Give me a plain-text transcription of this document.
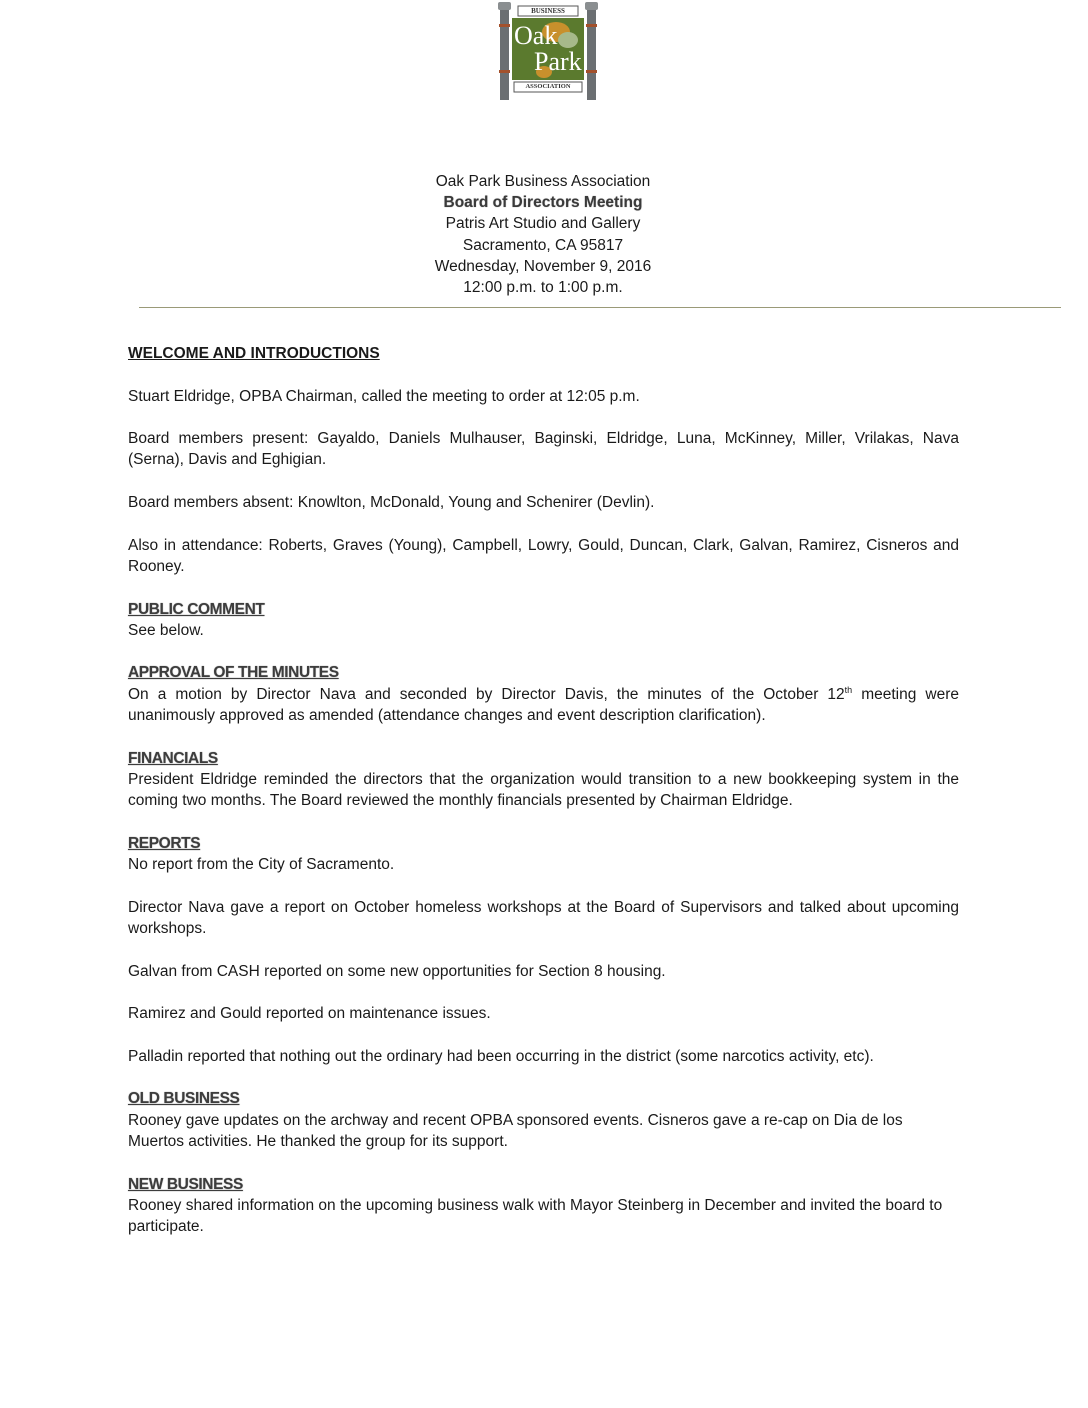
BUSINESS
Oak
Park
ASSOCIATION
Oak Park Business Association
Board of Directors Meeting
Patris Art Studio and Gallery
Sacramento, CA 95817
Wednesday, November 9, 2016
12:00 p.m. to 1:00 p.m.
WELCOME AND INTRODUCTIONS

Stuart Eldridge, OPBA Chairman, called the meeting to order at 12:05 p.m.

Board members present: Gayaldo, Daniels Mulhauser, Baginski, Eldridge, Luna, McKinney, Miller, Vrilakas, Nava (Serna), Davis and Eghigian.

Board members absent: Knowlton, McDonald, Young and Schenirer (Devlin).

Also in attendance: Roberts, Graves (Young), Campbell, Lowry, Gould, Duncan, Clark, Galvan, Ramirez, Cisneros and Rooney.

PUBLIC COMMENT

See below.

APPROVAL OF THE MINUTES

On a motion by Director Nava and seconded by Director Davis, the minutes of the October 12th meeting were unanimously approved as amended (attendance changes and event description clarification).

FINANCIALS

President Eldridge reminded the directors that the organization would transition to a new bookkeeping system in the coming two months. The Board reviewed the monthly financials presented by Chairman Eldridge.

REPORTS

No report from the City of Sacramento.

Director Nava gave a report on October homeless workshops at the Board of Supervisors and talked about upcoming workshops.

Galvan from CASH reported on some new opportunities for Section 8 housing.

Ramirez and Gould reported on maintenance issues.

Palladin reported that nothing out the ordinary had been occurring in the district (some narcotics activity, etc).

OLD BUSINESS

Rooney gave updates on the archway and recent OPBA sponsored events. Cisneros gave a re-cap on Dia de los Muertos activities. He thanked the group for its support.

NEW BUSINESS

Rooney shared information on the upcoming business walk with Mayor Steinberg in December and invited the board to participate.
